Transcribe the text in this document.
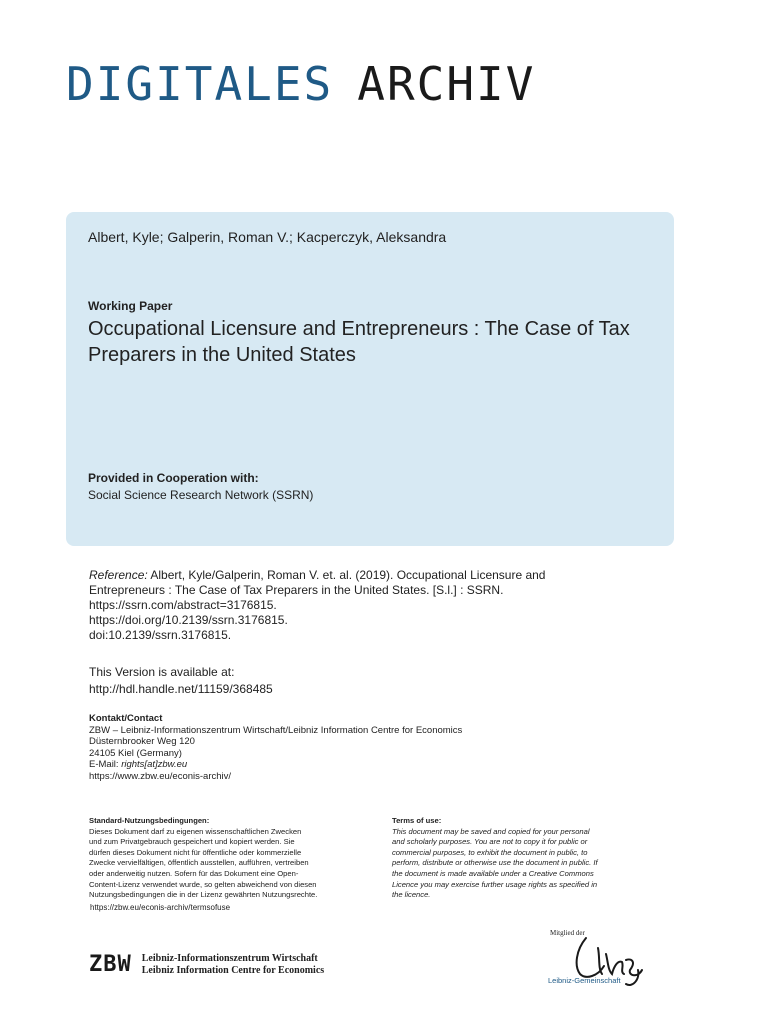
DIGITALES ARCHIV
Albert, Kyle; Galperin, Roman V.; Kacperczyk, Aleksandra
Working Paper
Occupational Licensure and Entrepreneurs : The Case of Tax Preparers in the United States
Provided in Cooperation with:
Social Science Research Network (SSRN)
Reference: Albert, Kyle/Galperin, Roman V. et. al. (2019). Occupational Licensure and
Entrepreneurs : The Case of Tax Preparers in the United States. [S.l.] : SSRN.
https://ssrn.com/abstract=3176815.
https://doi.org/10.2139/ssrn.3176815.
doi:10.2139/ssrn.3176815.
This Version is available at:
http://hdl.handle.net/11159/368485
Kontakt/Contact
ZBW – Leibniz-Informationszentrum Wirtschaft/Leibniz Information Centre for Economics
Düsternbrooker Weg 120
24105 Kiel (Germany)
E-Mail: rights[at]zbw.eu
https://www.zbw.eu/econis-archiv/
Standard-Nutzungsbedingungen:
Dieses Dokument darf zu eigenen wissenschaftlichen Zwecken
und zum Privatgebrauch gespeichert und kopiert werden. Sie
dürfen dieses Dokument nicht für öffentliche oder kommerzielle
Zwecke vervielfältigen, öffentlich ausstellen, aufführen, vertreiben
oder anderweitig nutzen. Sofern für das Dokument eine Open-
Content-Lizenz verwendet wurde, so gelten abweichend von diesen
Nutzungsbedingungen die in der Lizenz gewährten Nutzungsrechte.
Terms of use:
This document may be saved and copied for your personal
and scholarly purposes. You are not to copy it for public or
commercial purposes, to exhibit the document in public, to
perform, distribute or otherwise use the document in public. If
the document is made available under a Creative Commons
Licence you may exercise further usage rights as specified in
the licence.
https://zbw.eu/econis-archiv/termsofuse
ZBW Leibniz-Informationszentrum Wirtschaft
Leibniz Information Centre for Economics
Mitglied der
Leibniz-Gemeinschaft
